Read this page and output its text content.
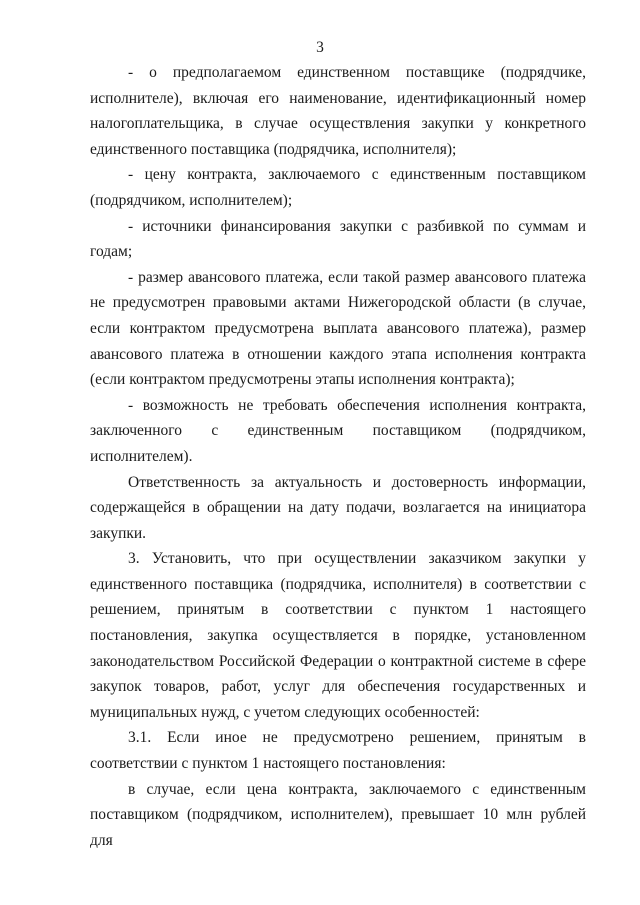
3

- о предполагаемом единственном поставщике (подрядчике, исполнителе), включая его наименование, идентификационный номер налогоплательщика, в случае осуществления закупки у конкретного единственного поставщика (подрядчика, исполнителя);

- цену контракта, заключаемого с единственным поставщиком (подрядчиком, исполнителем);

- источники финансирования закупки с разбивкой по суммам и годам;

- размер авансового платежа, если такой размер авансового платежа не предусмотрен правовыми актами Нижегородской области (в случае, если контрактом предусмотрена выплата авансового платежа), размер авансового платежа в отношении каждого этапа исполнения контракта (если контрактом предусмотрены этапы исполнения контракта);

- возможность не требовать обеспечения исполнения контракта, заключенного с единственным поставщиком (подрядчиком, исполнителем).

Ответственность за актуальность и достоверность информации, содержащейся в обращении на дату подачи, возлагается на инициатора закупки.

3. Установить, что при осуществлении заказчиком закупки у единственного поставщика (подрядчика, исполнителя) в соответствии с решением, принятым в соответствии с пунктом 1 настоящего постановления, закупка осуществляется в порядке, установленном законодательством Российской Федерации о контрактной системе в сфере закупок товаров, работ, услуг для обеспечения государственных и муниципальных нужд, с учетом следующих особенностей:

3.1. Если иное не предусмотрено решением, принятым в соответствии с пунктом 1 настоящего постановления:

в случае, если цена контракта, заключаемого с единственным поставщиком (подрядчиком, исполнителем), превышает 10 млн рублей для
